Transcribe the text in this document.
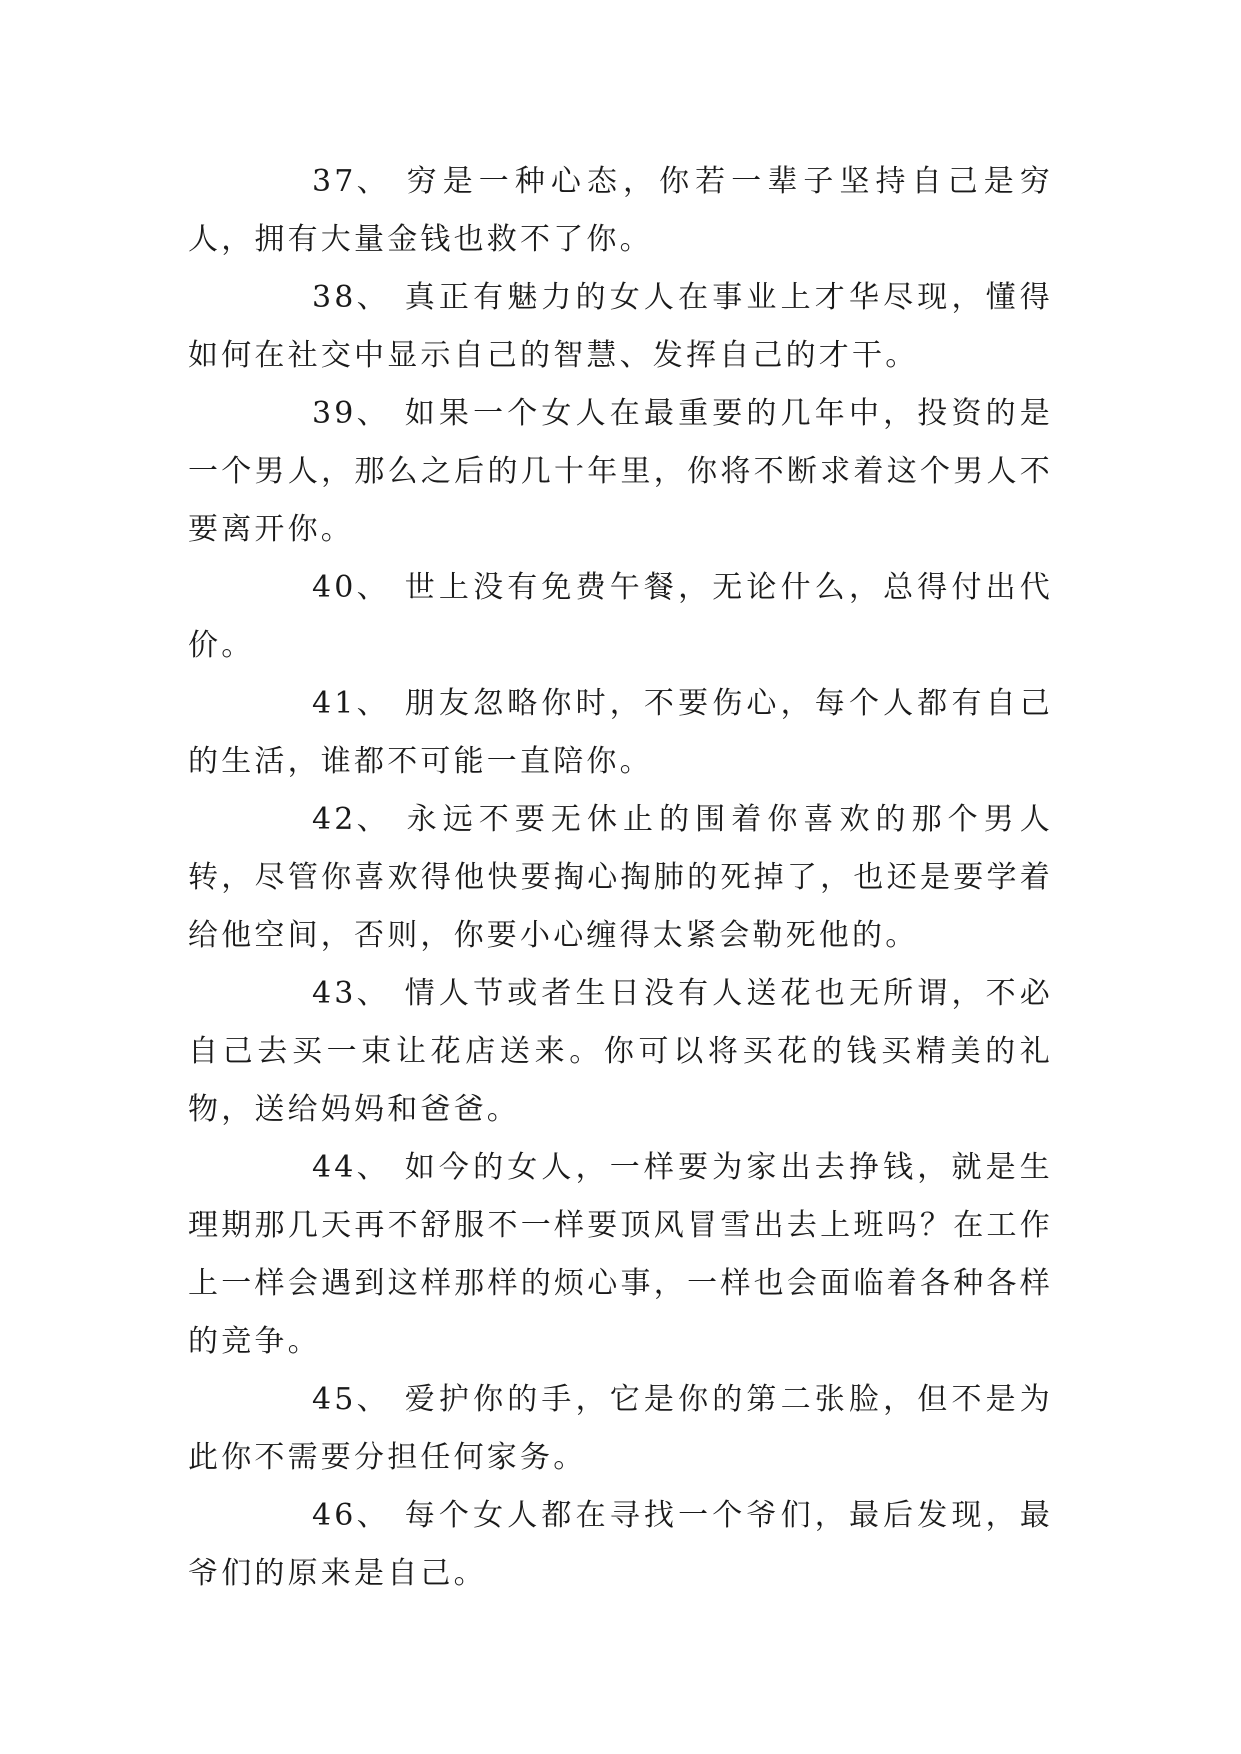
37、 穷是一种心态，你若一辈子坚持自己是穷人，拥有大量金钱也救不了你。

38、 真正有魅力的女人在事业上才华尽现，懂得如何在社交中显示自己的智慧、发挥自己的才干。

39、 如果一个女人在最重要的几年中，投资的是一个男人，那么之后的几十年里，你将不断求着这个男人不要离开你。

40、 世上没有免费午餐，无论什么，总得付出代价。

41、 朋友忽略你时，不要伤心，每个人都有自己的生活，谁都不可能一直陪你。

42、 永远不要无休止的围着你喜欢的那个男人转，尽管你喜欢得他快要掏心掏肺的死掉了，也还是要学着给他空间，否则，你要小心缠得太紧会勒死他的。

43、 情人节或者生日没有人送花也无所谓，不必自己去买一束让花店送来。你可以将买花的钱买精美的礼物，送给妈妈和爸爸。

44、 如今的女人，一样要为家出去挣钱，就是生理期那几天再不舒服不一样要顶风冒雪出去上班吗？在工作上一样会遇到这样那样的烦心事，一样也会面临着各种各样的竞争。

45、 爱护你的手，它是你的第二张脸，但不是为此你不需要分担任何家务。

46、 每个女人都在寻找一个爷们，最后发现，最爷们的原来是自己。
